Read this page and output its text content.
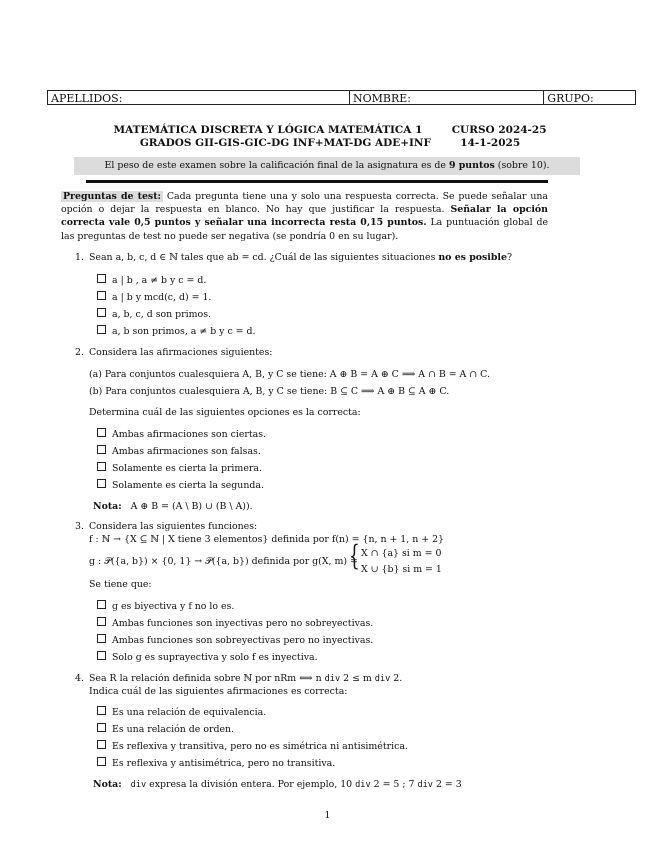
APELLIDOS:	NOMBRE:	GRUPO:
MATEMÁTICA DISCRETA Y LÓGICA MATEMÁTICA 1	CURSO 2024-25
GRADOS GII-GIS-GIC-DG INF+MAT-DG ADE+INF	14-1-2025
El peso de este examen sobre la calificación final de la asignatura es de 9 puntos (sobre 10).
Preguntas de test: Cada pregunta tiene una y solo una respuesta correcta. Se puede señalar una opción o dejar la respuesta en blanco. No hay que justificar la respuesta. Señalar la opción correcta vale 0,5 puntos y señalar una incorrecta resta 0,15 puntos. La puntuación global de las preguntas de test no puede ser negativa (se pondría 0 en su lugar).
1. Sean a, b, c, d ∈ ℕ tales que ab = cd. ¿Cuál de las siguientes situaciones no es posible?
a | b , a ≠ b y c = d.
a | b y mcd(c, d) = 1.
a, b, c, d son primos.
a, b son primos, a ≠ b y c = d.
2. Considera las afirmaciones siguientes:
(a) Para conjuntos cualesquiera A, B, y C se tiene: A ⊕ B = A ⊕ C ⟹ A ∩ B = A ∩ C.
(b) Para conjuntos cualesquiera A, B, y C se tiene: B ⊆ C ⟹ A ⊕ B ⊆ A ⊕ C.
Determina cuál de las siguientes opciones es la correcta:
Ambas afirmaciones son ciertas.
Ambas afirmaciones son falsas.
Solamente es cierta la primera.
Solamente es cierta la segunda.
Nota: A ⊕ B = (A \ B) ∪ (B \ A)).
3. Considera las siguientes funciones:
f : ℕ → {X ⊆ ℕ | X tiene 3 elementos} definida por f(n) = {n, n + 1, n + 2}
g : 𝒫({a, b}) × {0, 1} → 𝒫({a, b}) definida por g(X, m) =
{ X ∩ {a} si m = 0
X ∪ {b} si m = 1
Se tiene que:
g es biyectiva y f no lo es.
Ambas funciones son inyectivas pero no sobreyectivas.
Ambas funciones son sobreyectivas pero no inyectivas.
Solo g es suprayectiva y solo f es inyectiva.
4. Sea R la relación definida sobre ℕ por nRm ⟺ n div 2 ≤ m div 2.
Indica cuál de las siguientes afirmaciones es correcta:
Es una relación de equivalencia.
Es una relación de orden.
Es reflexiva y transitiva, pero no es simétrica ni antisimétrica.
Es reflexiva y antisimétrica, pero no transitiva.
Nota: div expresa la división entera. Por ejemplo, 10 div 2 = 5 ; 7 div 2 = 3
1
